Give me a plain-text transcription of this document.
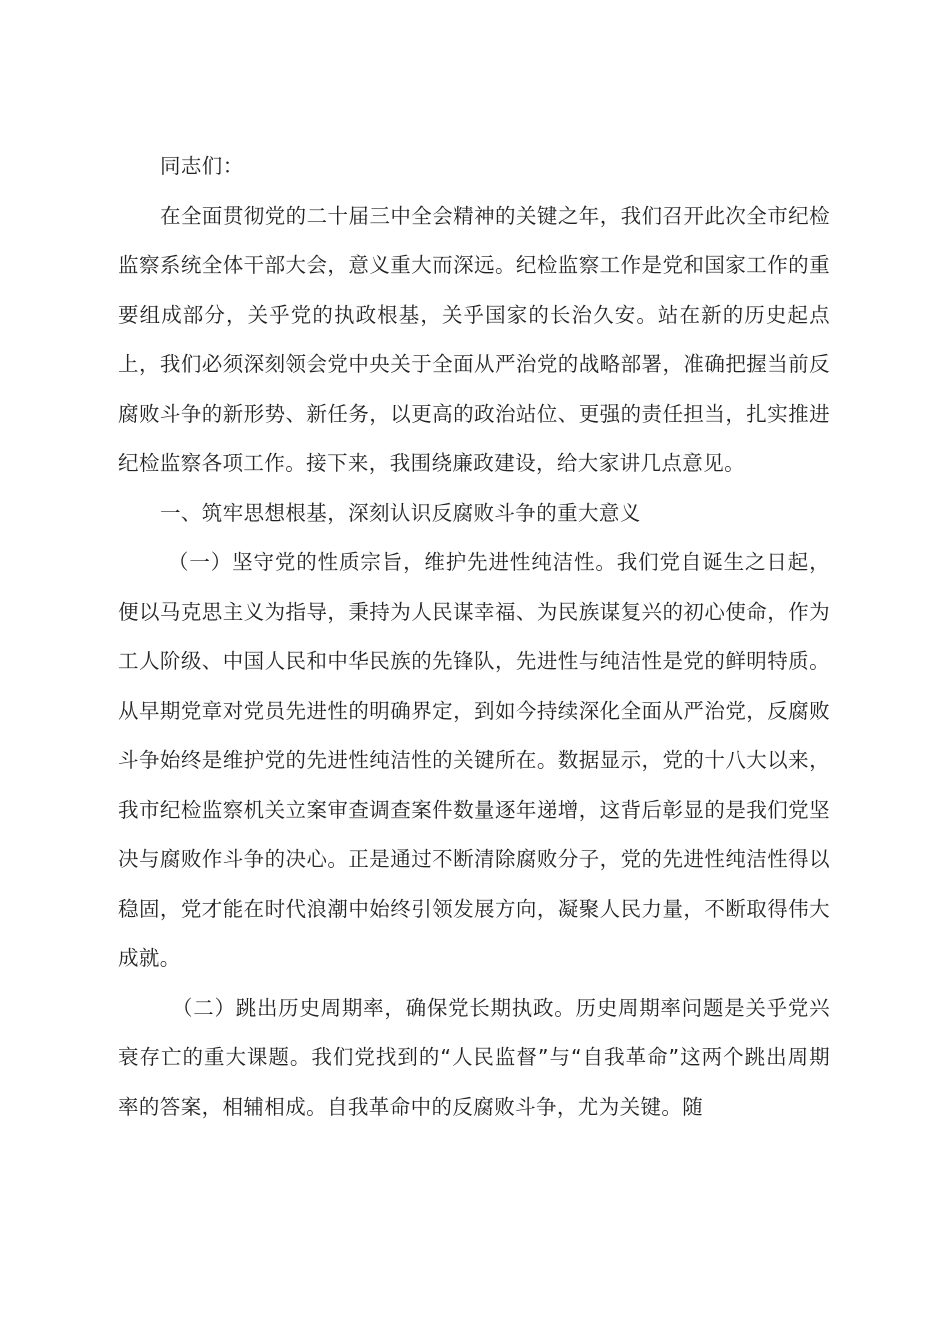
同志们：

在全面贯彻党的二十届三中全会精神的关键之年，我们召开此次全市纪检监察系统全体干部大会，意义重大而深远。纪检监察工作是党和国家工作的重要组成部分，关乎党的执政根基，关乎国家的长治久安。站在新的历史起点上，我们必须深刻领会党中央关于全面从严治党的战略部署，准确把握当前反腐败斗争的新形势、新任务，以更高的政治站位、更强的责任担当，扎实推进纪检监察各项工作。接下来，我围绕廉政建设，给大家讲几点意见。

一、筑牢思想根基，深刻认识反腐败斗争的重大意义

（一）坚守党的性质宗旨，维护先进性纯洁性。我们党自诞生之日起，便以马克思主义为指导，秉持为人民谋幸福、为民族谋复兴的初心使命，作为工人阶级、中国人民和中华民族的先锋队，先进性与纯洁性是党的鲜明特质。从早期党章对党员先进性的明确界定，到如今持续深化全面从严治党，反腐败斗争始终是维护党的先进性纯洁性的关键所在。数据显示，党的十八大以来，我市纪检监察机关立案审查调查案件数量逐年递增，这背后彰显的是我们党坚决与腐败作斗争的决心。正是通过不断清除腐败分子，党的先进性纯洁性得以稳固，党才能在时代浪潮中始终引领发展方向，凝聚人民力量，不断取得伟大成就。

（二）跳出历史周期率，确保党长期执政。历史周期率问题是关乎党兴衰存亡的重大课题。我们党找到的“人民监督”与“自我革命”这两个跳出周期率的答案，相辅相成。自我革命中的反腐败斗争，尤为关键。随
